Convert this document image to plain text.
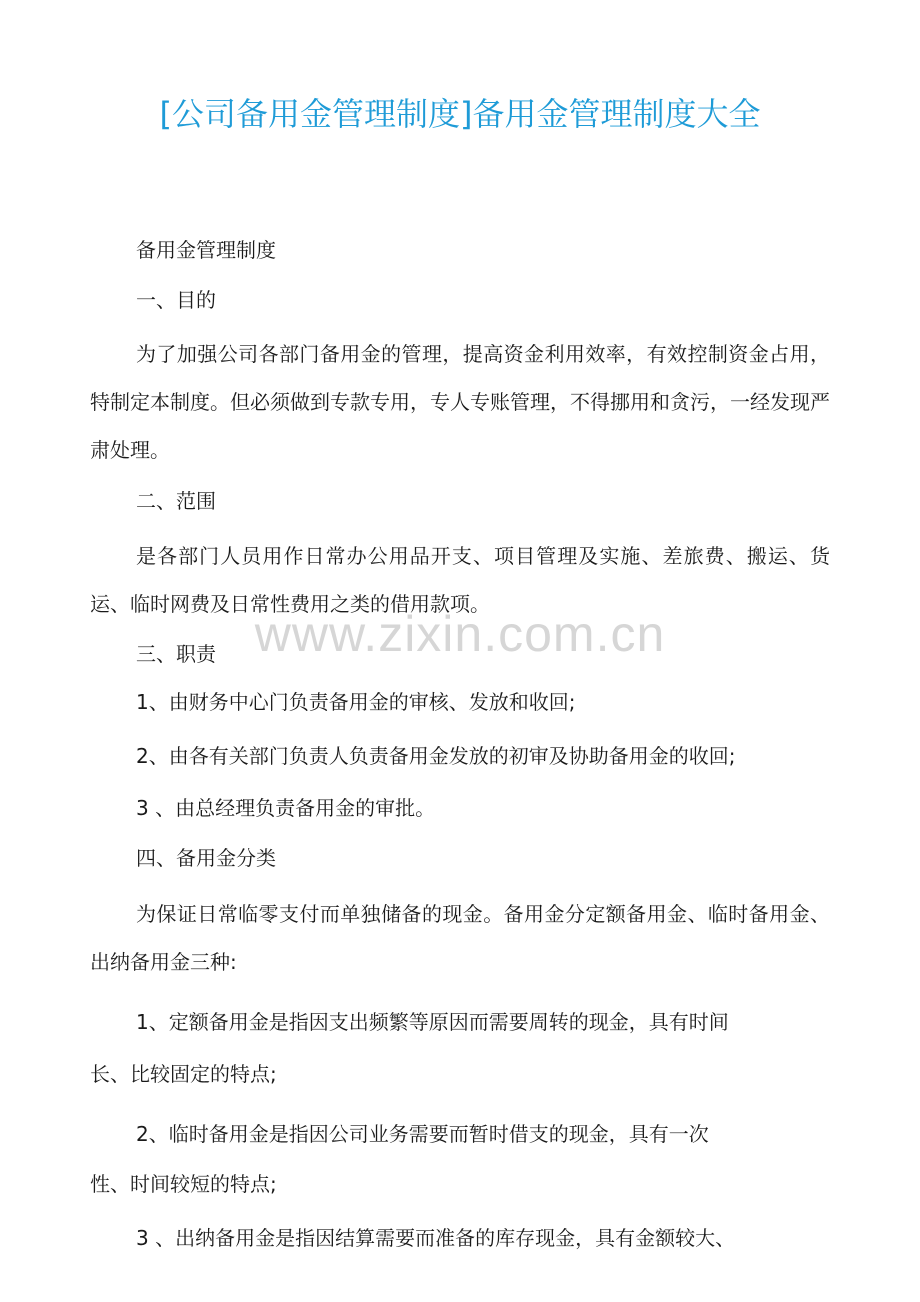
[公司备用金管理制度]备用金管理制度大全
www.zixin.com.cn
备用金管理制度
一、目的

为了加强公司各部门备用金的管理，提高资金利用效率，有效控制资金占用，特制定本制度。但必须做到专款专用，专人专账管理，不得挪用和贪污，一经发现严肃处理。

二、范围

是各部门人员用作日常办公用品开支、项目管理及实施、差旅费、搬运、货运、临时网费及日常性费用之类的借用款项。

三、职责
1、由财务中心门负责备用金的审核、发放和收回;
2、由各有关部门负责人负责备用金发放的初审及协助备用金的收回;
3 、由总经理负责备用金的审批。
四、备用金分类

为保证日常临零支付而单独储备的现金。备用金分定额备用金、临时备用金、出纳备用金三种:

1、定额备用金是指因支出频繁等原因而需要周转的现金，具有时间
长、比较固定的特点;
2、临时备用金是指因公司业务需要而暂时借支的现金，具有一次
性、时间较短的特点;
3 、出纳备用金是指因结算需要而准备的库存现金，具有金额较大、
